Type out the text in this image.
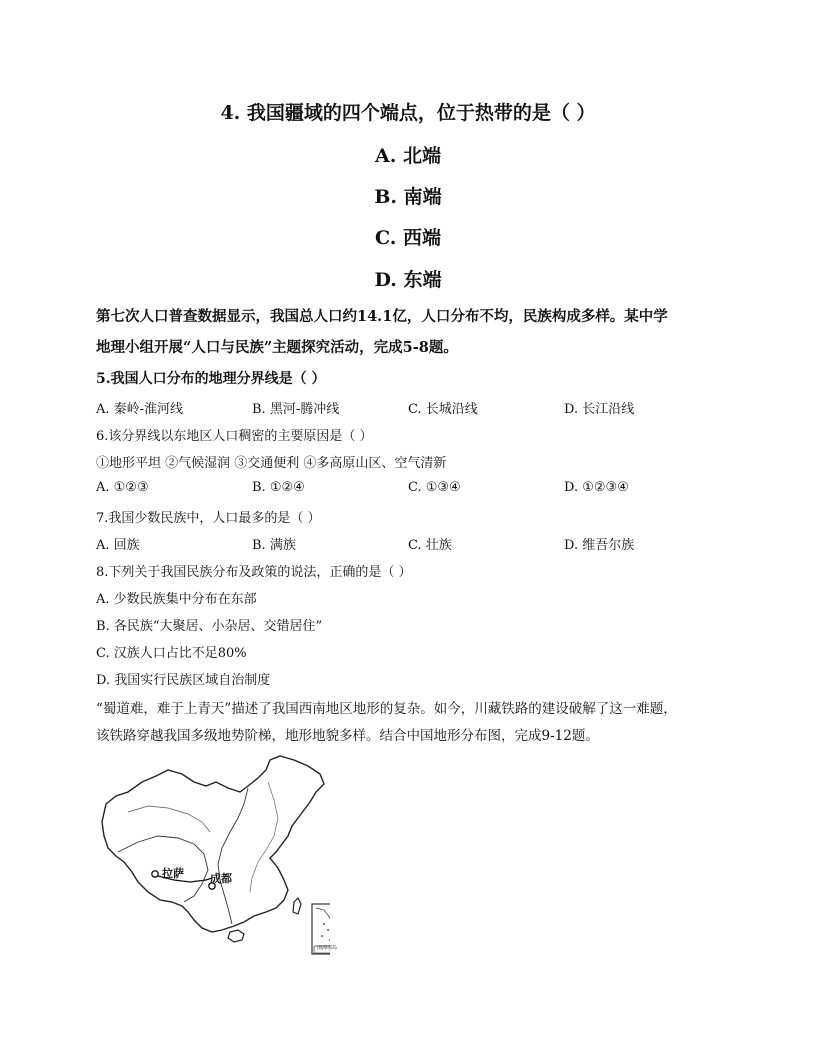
4. 我国疆域的四个端点，位于热带的是（ ）
A. 北端
B. 南端
C. 西端
D. 东端
第七次人口普查数据显示，我国总人口约14.1亿，人口分布不均，民族构成多样。某中学
地理小组开展“人口与民族”主题探究活动，完成5-8题。
5.我国人口分布的地理分界线是（ ）
A. 秦岭-淮河线	B. 黑河-腾冲线	C. 长城沿线	D. 长江沿线
6.该分界线以东地区人口稠密的主要原因是（ ）
①地形平坦 ②气候湿润 ③交通便利 ④多高原山区、空气清新
A. ①②③	B. ①②④	C. ①③④	D. ①②③④
7.我国少数民族中，人口最多的是（ ）
A. 回族	B. 满族	C. 壮族	D. 维吾尔族
8.下列关于我国民族分布及政策的说法，正确的是（ ）
A. 少数民族集中分布在东部
B. 各民族“大聚居、小杂居、交错居住”
C. 汉族人口占比不足80%
D. 我国实行民族区域自治制度
“蜀道难，难于上青天”描述了我国西南地区地形的复杂。如今，川藏铁路的建设破解了这一难题，
该铁路穿越我国多级地势阶梯，地形地貌多样。结合中国地形分布图，完成9-12题。
拉萨 成都
南海诸岛
